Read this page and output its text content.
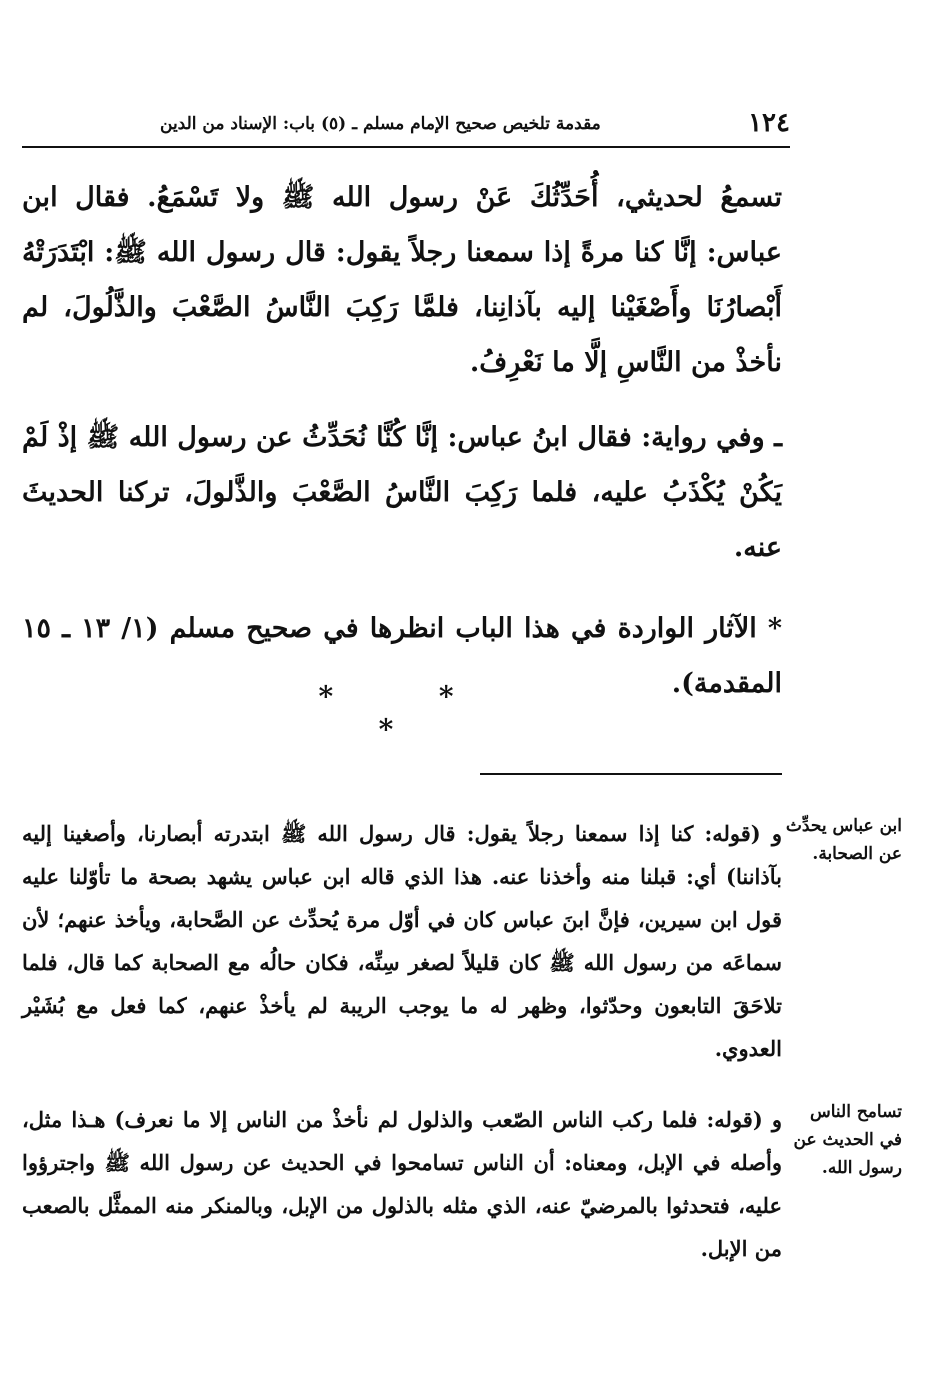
١٢٤
مقدمة تلخيص صحيح الإمام مسلم ـ (٥) باب: الإسناد من الدين

تسمعُ لحديثي، أُحَدِّثُكَ عَنْ رسول الله ﷺ ولا تَسْمَعُ. فقال ابن عباس: إنَّا كنا مرةً إذا سمعنا رجلاً يقول: قال رسول الله ﷺ: ابْتَدَرَتْهُ أَبْصارُنَا وأَصْغَيْنا إليه بآذانِنا، فلمَّا رَكِبَ النَّاسُ الصَّعْبَ والذَّلُولَ، لم نأخذْ من النَّاسِ إلَّا ما نَعْرِفُ.

ـ وفي رواية: فقال ابنُ عباس: إنَّا كُنَّا نُحَدِّثُ عن رسول الله ﷺ إذْ لَمْ يَكُنْ يُكْذَبُ عليه، فلما رَكِبَ النَّاسُ الصَّعْبَ والذَّلولَ، تركنا الحديثَ عنه.

* الآثار الواردة في هذا الباب انظرها في صحيح مسلم (١/ ١٣ ـ ١٥ المقدمة).

* * *
ابن عباس يحدِّث عن الصحابة.
و (قوله: كنا إذا سمعنا رجلاً يقول: قال رسول الله ﷺ ابتدرته أبصارنا، وأصغينا إليه بآذاننا) أي: قبلنا منه وأخذنا عنه. هذا الذي قاله ابن عباس يشهد بصحة ما تأوّلنا عليه قول ابن سيرين، فإنَّ ابنَ عباس كان في أوّل مرة يُحدِّث عن الصَّحابة، ويأخذ عنهم؛ لأن سماعَه من رسول الله ﷺ كان قليلاً لصغر سِنِّه، فكان حالُه مع الصحابة كما قال، فلما تلاحَقَ التابعون وحدّثوا، وظهر له ما يوجب الريبة لم يأخذْ عنهم، كما فعل مع بُشَيْر العدوي.
تسامح الناس في الحديث عن رسول الله.
و (قوله: فلما ركب الناس الصّعب والذلول لم نأخذْ من الناس إلا ما نعرف) هـذا مثل، وأصله في الإبل، ومعناه: أن الناس تسامحوا في الحديث عن رسول الله ﷺ واجترؤوا عليه، فتحدثوا بالمرضيّ عنه، الذي مثله بالذلول من الإبل، وبالمنكر منه الممثَّل بالصعب من الإبل.
